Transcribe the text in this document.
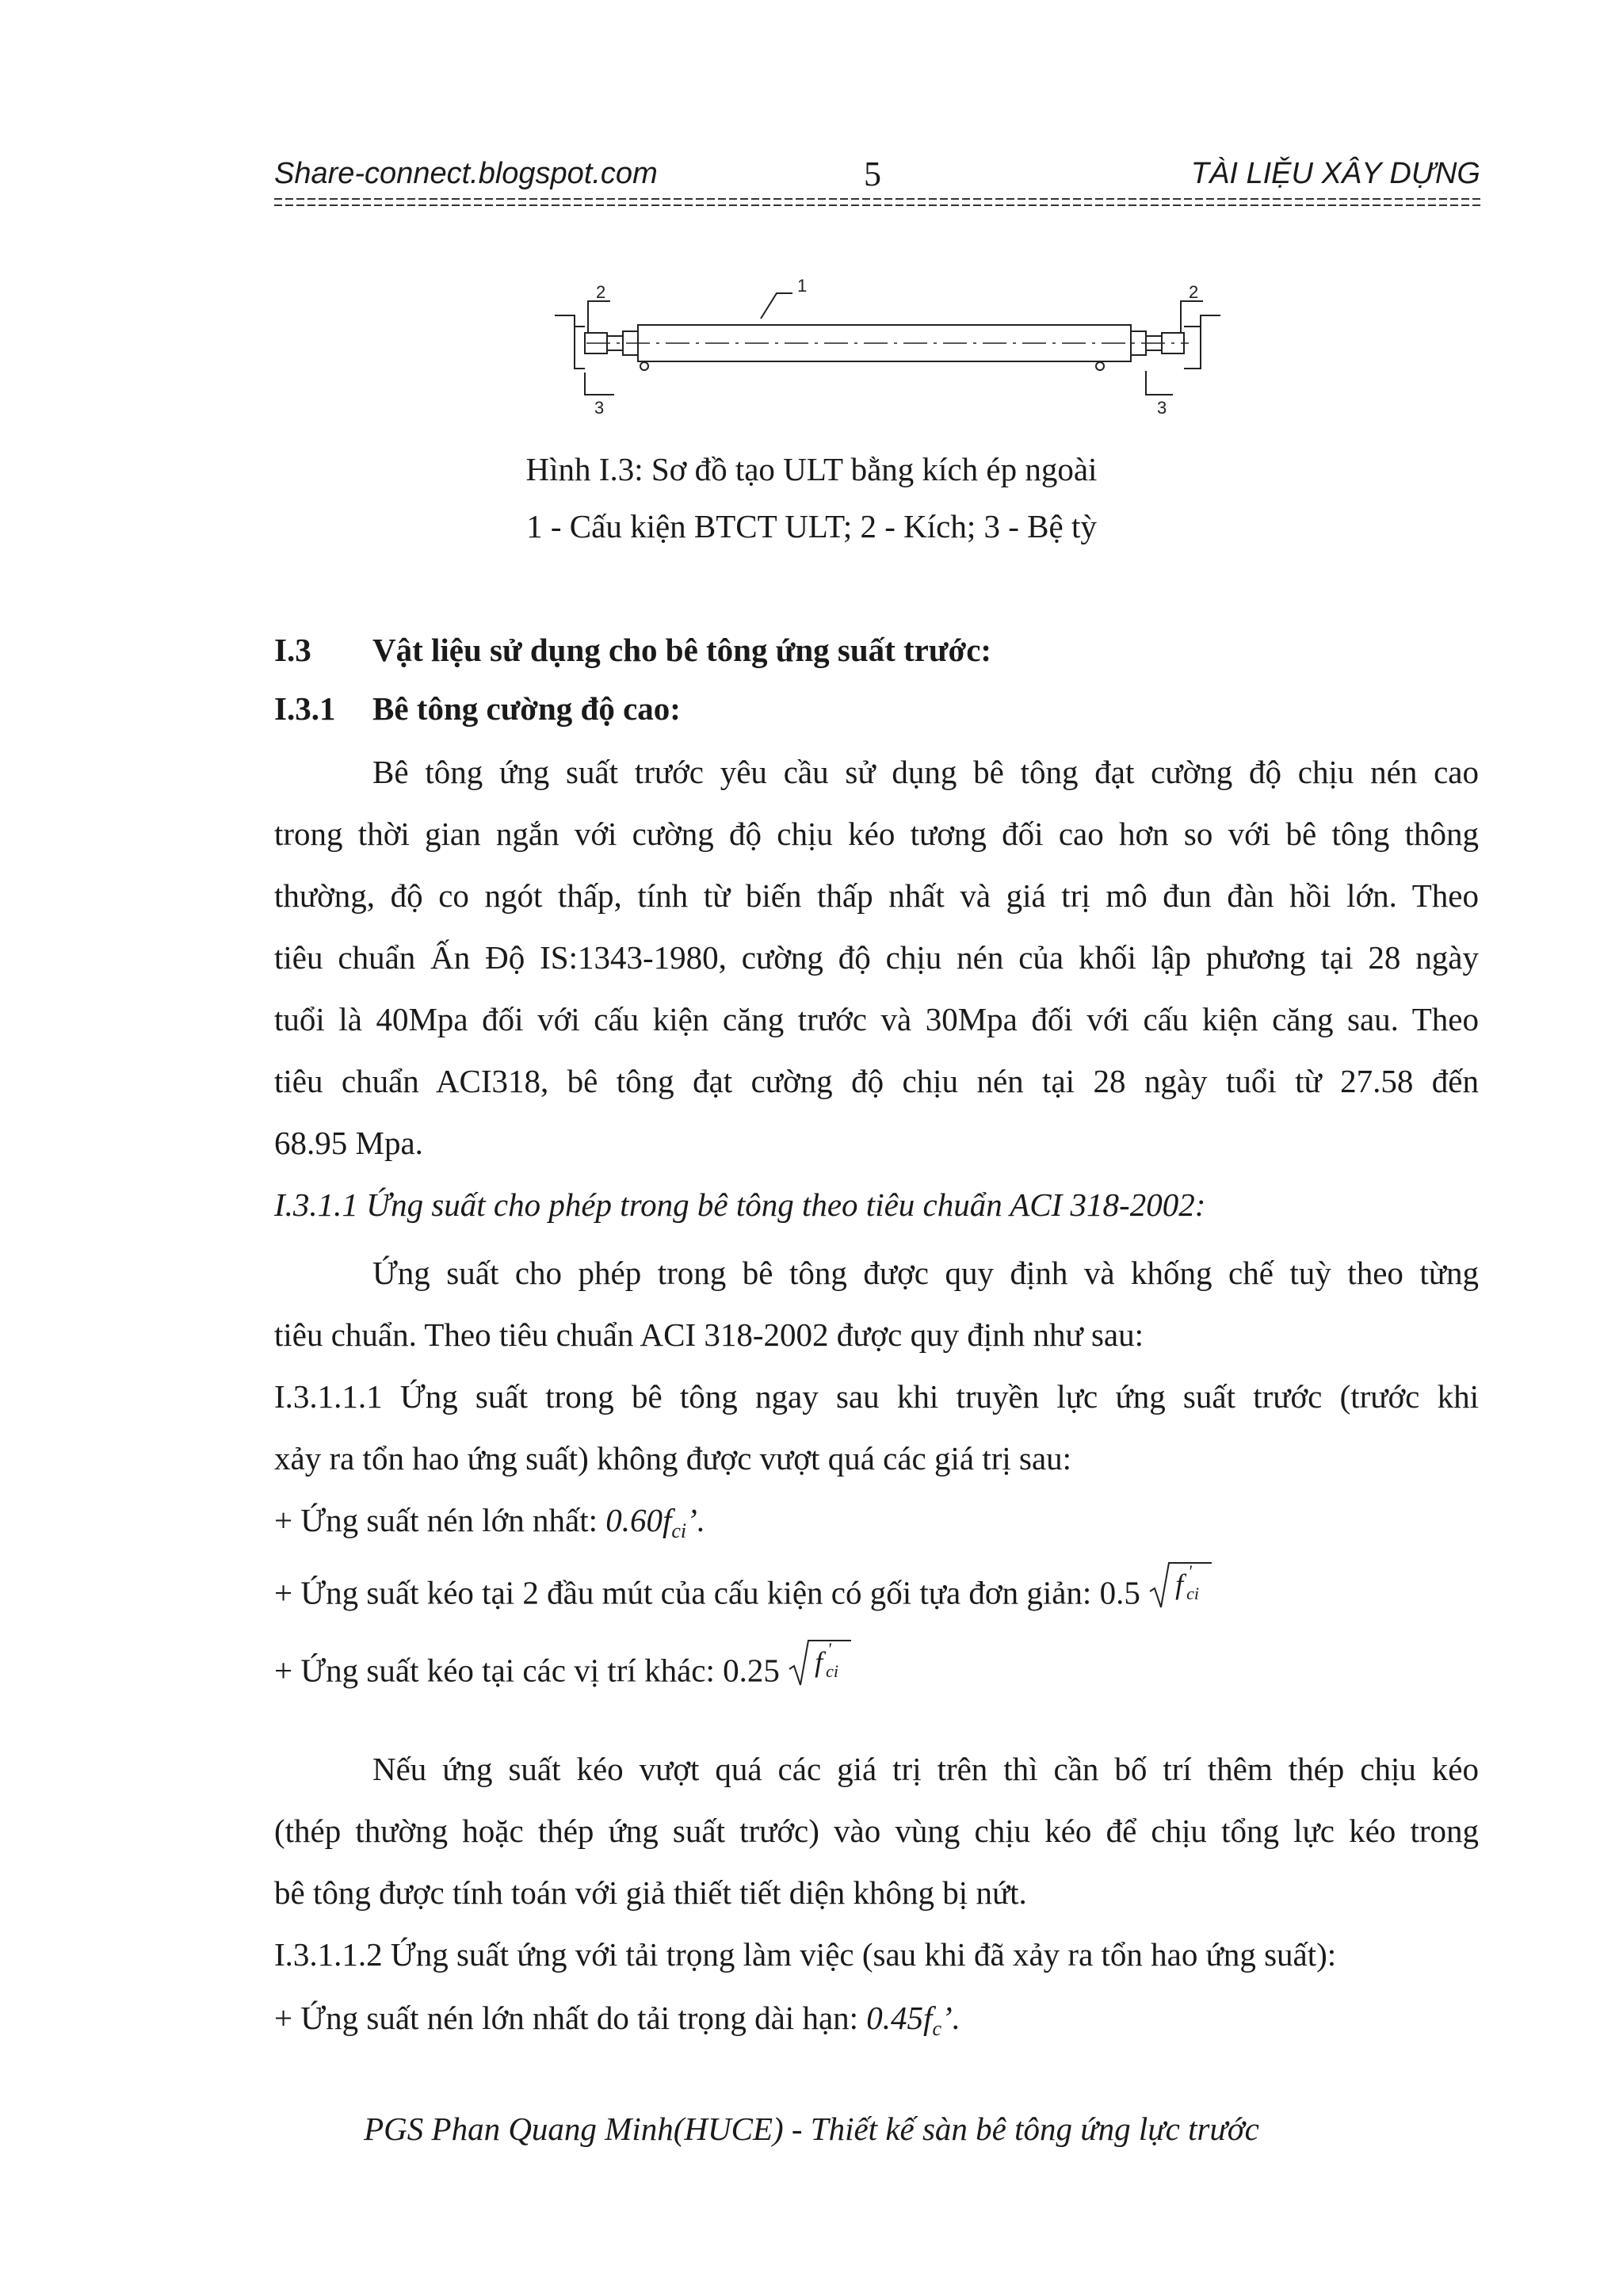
Share-connect.blogspot.com	5	TÀI LIỆU XÂY DỰNG
1
2	2
3	3
Hình I.3: Sơ đồ tạo ULT bằng kích ép ngoài
1 - Cấu kiện BTCT ULT; 2 - Kích; 3 - Bệ tỳ
I.3 Vật liệu sử dụng cho bê tông ứng suất trước:
I.3.1 Bê tông cường độ cao:
Bê tông ứng suất trước yêu cầu sử dụng bê tông đạt cường độ chịu nén cao
trong thời gian ngắn với cường độ chịu kéo tương đối cao hơn so với bê tông thông
thường, độ co ngót thấp, tính từ biến thấp nhất và giá trị mô đun đàn hồi lớn. Theo
tiêu chuẩn Ấn Độ IS:1343-1980, cường độ chịu nén của khối lập phương tại 28 ngày
tuổi là 40Mpa đối với cấu kiện căng trước và 30Mpa đối với cấu kiện căng sau. Theo
tiêu chuẩn ACI318, bê tông đạt cường độ chịu nén tại 28 ngày tuổi từ 27.58 đến
68.95 Mpa.
I.3.1.1 Ứng suất cho phép trong bê tông theo tiêu chuẩn ACI 318-2002:
Ứng suất cho phép trong bê tông được quy định và khống chế tuỳ theo từng
tiêu chuẩn. Theo tiêu chuẩn ACI 318-2002 được quy định như sau:
I.3.1.1.1 Ứng suất trong bê tông ngay sau khi truyền lực ứng suất trước (trước khi
xảy ra tổn hao ứng suất) không được vượt quá các giá trị sau:
+ Ứng suất nén lớn nhất: $0.60f_{ci}$’.
+ Ứng suất kéo tại 2 đầu mút của cấu kiện có gối tựa đơn giản: 0.5 f '
ci
+ Ứng suất kéo tại các vị trí khác: 0.25 f '
ci
Nếu ứng suất kéo vượt quá các giá trị trên thì cần bố trí thêm thép chịu kéo
(thép thường hoặc thép ứng suất trước) vào vùng chịu kéo để chịu tổng lực kéo trong
bê tông được tính toán với giả thiết tiết diện không bị nứt.
I.3.1.1.2 Ứng suất ứng với tải trọng làm việc (sau khi đã xảy ra tổn hao ứng suất):
+ Ứng suất nén lớn nhất do tải trọng dài hạn: $0.45f_c$’.
PGS Phan Quang Minh(HUCE) - Thiết kế sàn bê tông ứng lực trước
